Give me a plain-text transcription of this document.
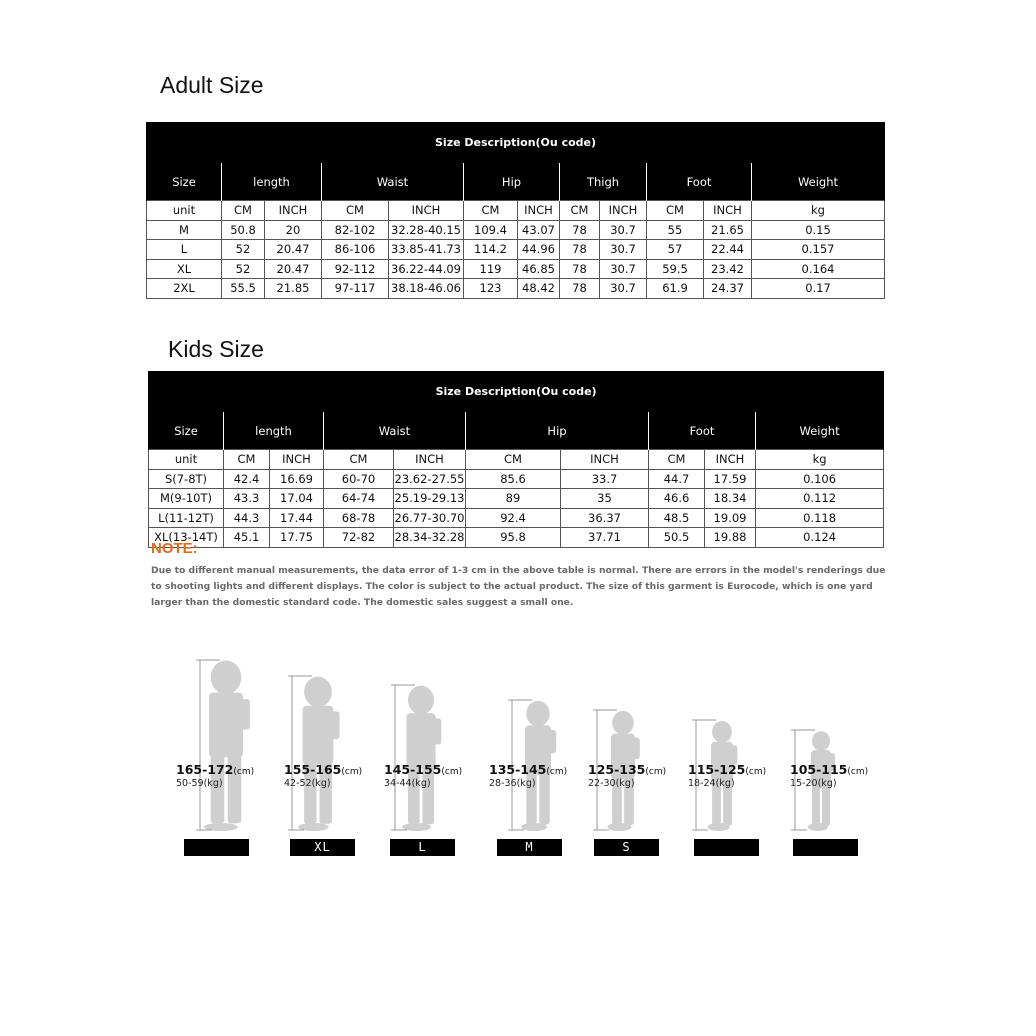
Adult Size
Size Description(Ou code)											
Size	length		Waist		Hip		Thigh		Foot		Weight
unit	CM	INCH	CM	INCH	CM	INCH	CM	INCH	CM	INCH	kg
M	50.8	20	82-102	32.28-40.15	109.4	43.07	78	30.7	55	21.65	0.15
L	52	20.47	86-106	33.85-41.73	114.2	44.96	78	30.7	57	22.44	0.157
XL	52	20.47	92-112	36.22-44.09	119	46.85	78	30.7	59.5	23.42	0.164
2XL	55.5	21.85	97-117	38.18-46.06	123	48.42	78	30.7	61.9	24.37	0.17
Kids Size
Size Description(Ou code)									
Size	length		Waist		Hip		Foot		Weight
unit	CM	INCH	CM	INCH	CM	INCH	CM	INCH	kg
S(7-8T)	42.4	16.69	60-70	23.62-27.55	85.6	33.7	44.7	17.59	0.106
M(9-10T)	43.3	17.04	64-74	25.19-29.13	89	35	46.6	18.34	0.112
L(11-12T)	44.3	17.44	68-78	26.77-30.70	92.4	36.37	48.5	19.09	0.118
XL(13-14T)	45.1	17.75	72-82	28.34-32.28	95.8	37.71	50.5	19.88	0.124

NOTE:

Due to different manual measurements, the data error of 1-3 cm in the above table is normal. There are errors in the model's renderings due to shooting lights and different displays. The color is subject to the actual product. The size of this garment is Eurocode, which is one yard larger than the domestic standard code. The domestic sales suggest a small one.

165-172(cm)
50-59(kg)
155-165(cm)
42-52(kg)
XL
145-155(cm)
34-44(kg)
L
135-145(cm)
28-36(kg)
M
125-135(cm)
22-30(kg)
S
115-125(cm)
18-24(kg)
105-115(cm)
15-20(kg)
